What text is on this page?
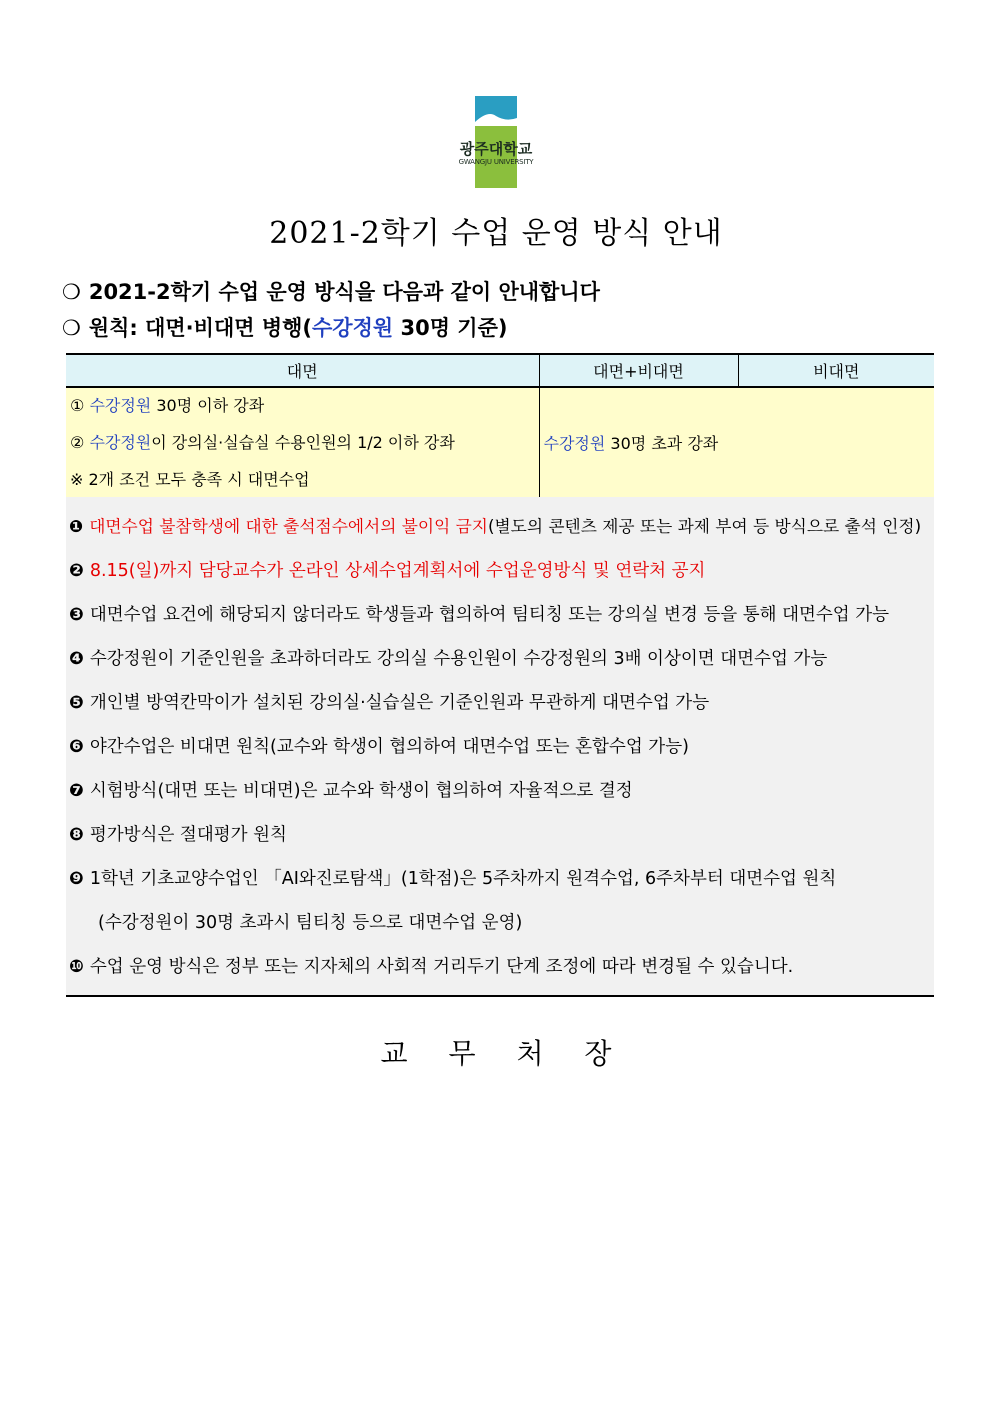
광주대학교
GWANGJU UNIVERSITY
2021-2학기 수업 운영 방식 안내
❍ 2021-2학기 수업 운영 방식을 다음과 같이 안내합니다
❍ 원칙: 대면·비대면 병행(수강정원 30명 기준)
대면	대면+비대면	비대면

① 수강정원 30명 이하 강좌
② 수강정원이 강의실·실습실 수용인원의 1/2 이하 강좌
※ 2개 조건 모두 충족 시 대면수업	수강정원 30명 초과 강좌	
❶ 대면수업 불참학생에 대한 출석점수에서의 불이익 금지(별도의 콘텐츠 제공 또는 과제 부여 등 방식으로 출석 인정)
❷ 8.15(일)까지 담당교수가 온라인 상세수업계획서에 수업운영방식 및 연락처 공지
❸ 대면수업 요건에 해당되지 않더라도 학생들과 협의하여 팀티칭 또는 강의실 변경 등을 통해 대면수업 가능
❹ 수강정원이 기준인원을 초과하더라도 강의실 수용인원이 수강정원의 3배 이상이면 대면수업 가능
❺ 개인별 방역칸막이가 설치된 강의실·실습실은 기준인원과 무관하게 대면수업 가능
❻ 야간수업은 비대면 원칙(교수와 학생이 협의하여 대면수업 또는 혼합수업 가능)
❼ 시험방식(대면 또는 비대면)은 교수와 학생이 협의하여 자율적으로 결정
❽ 평가방식은 절대평가 원칙
❾ 1학년 기초교양수업인 「AI와진로탐색」(1학점)은 5주차까지 원격수업, 6주차부터 대면수업 원칙
(수강정원이 30명 초과시 팀티칭 등으로 대면수업 운영)
❿ 수업 운영 방식은 정부 또는 지자체의 사회적 거리두기 단계 조정에 따라 변경될 수 있습니다.
교 무 처 장
